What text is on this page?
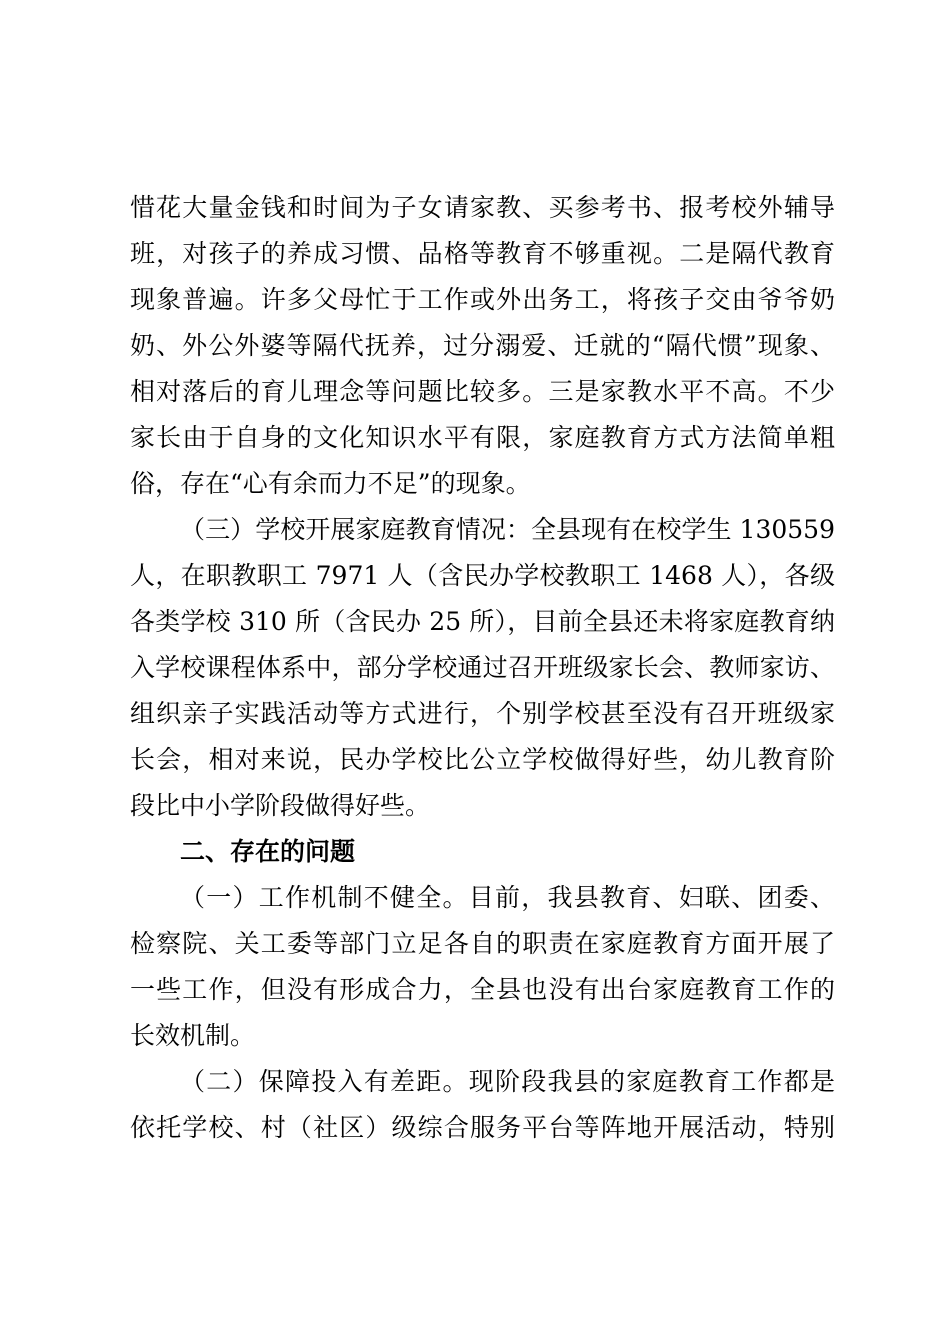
惜花大量金钱和时间为子女请家教、买参考书、报考校外辅导
班，对孩子的养成习惯、品格等教育不够重视。二是隔代教育
现象普遍。许多父母忙于工作或外出务工，将孩子交由爷爷奶
奶、外公外婆等隔代抚养，过分溺爱、迁就的“隔代惯”现象、
相对落后的育儿理念等问题比较多。三是家教水平不高。不少
家长由于自身的文化知识水平有限，家庭教育方式方法简单粗
俗，存在“心有余而力不足”的现象。
（三）学校开展家庭教育情况：全县现有在校学生 130559
人，在职教职工 7971 人（含民办学校教职工 1468 人），各级
各类学校 310 所（含民办 25 所），目前全县还未将家庭教育纳
入学校课程体系中，部分学校通过召开班级家长会、教师家访、
组织亲子实践活动等方式进行，个别学校甚至没有召开班级家
长会，相对来说，民办学校比公立学校做得好些，幼儿教育阶
段比中小学阶段做得好些。
二、存在的问题
（一）工作机制不健全。目前，我县教育、妇联、团委、
检察院、关工委等部门立足各自的职责在家庭教育方面开展了
一些工作，但没有形成合力，全县也没有出台家庭教育工作的
长效机制。
（二）保障投入有差距。现阶段我县的家庭教育工作都是
依托学校、村（社区）级综合服务平台等阵地开展活动，特别
